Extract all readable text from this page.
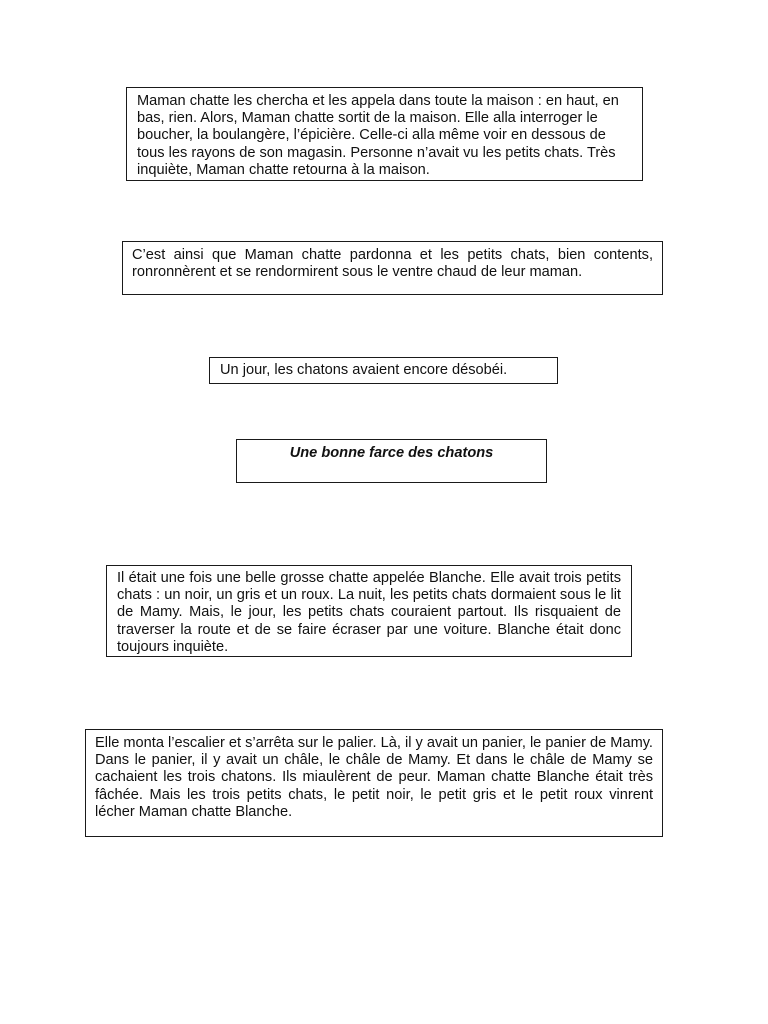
Maman chatte les chercha et les appela dans toute la maison : en haut, en bas, rien. Alors, Maman chatte sortit de la maison. Elle alla interroger le boucher, la boulangère, l’épicière. Celle-ci alla même voir en dessous de tous les rayons de son magasin. Personne n’avait vu les petits chats. Très inquiète, Maman chatte retourna à la maison.

C’est ainsi que Maman chatte pardonna et les petits chats, bien contents, ronronnèrent et se rendormirent sous le ventre chaud de leur maman.

Un jour, les chatons avaient encore désobéi.

Une bonne farce des chatons

Il était une fois une belle grosse chatte appelée Blanche. Elle avait trois petits chats : un noir, un gris et un roux. La nuit, les petits chats dormaient sous le lit de Mamy. Mais, le jour, les petits chats couraient partout. Ils risquaient de traverser la route et de se faire écraser par une voiture. Blanche était donc toujours inquiète.

Elle monta l’escalier et s’arrêta sur le palier. Là, il y avait un panier, le panier de Mamy. Dans le panier, il y avait un châle, le châle de Mamy. Et dans le châle de Mamy se cachaient les trois chatons. Ils miaulèrent de peur. Maman chatte Blanche était très fâchée. Mais les trois petits chats, le petit noir, le petit gris et le petit roux vinrent lécher Maman chatte Blanche.
